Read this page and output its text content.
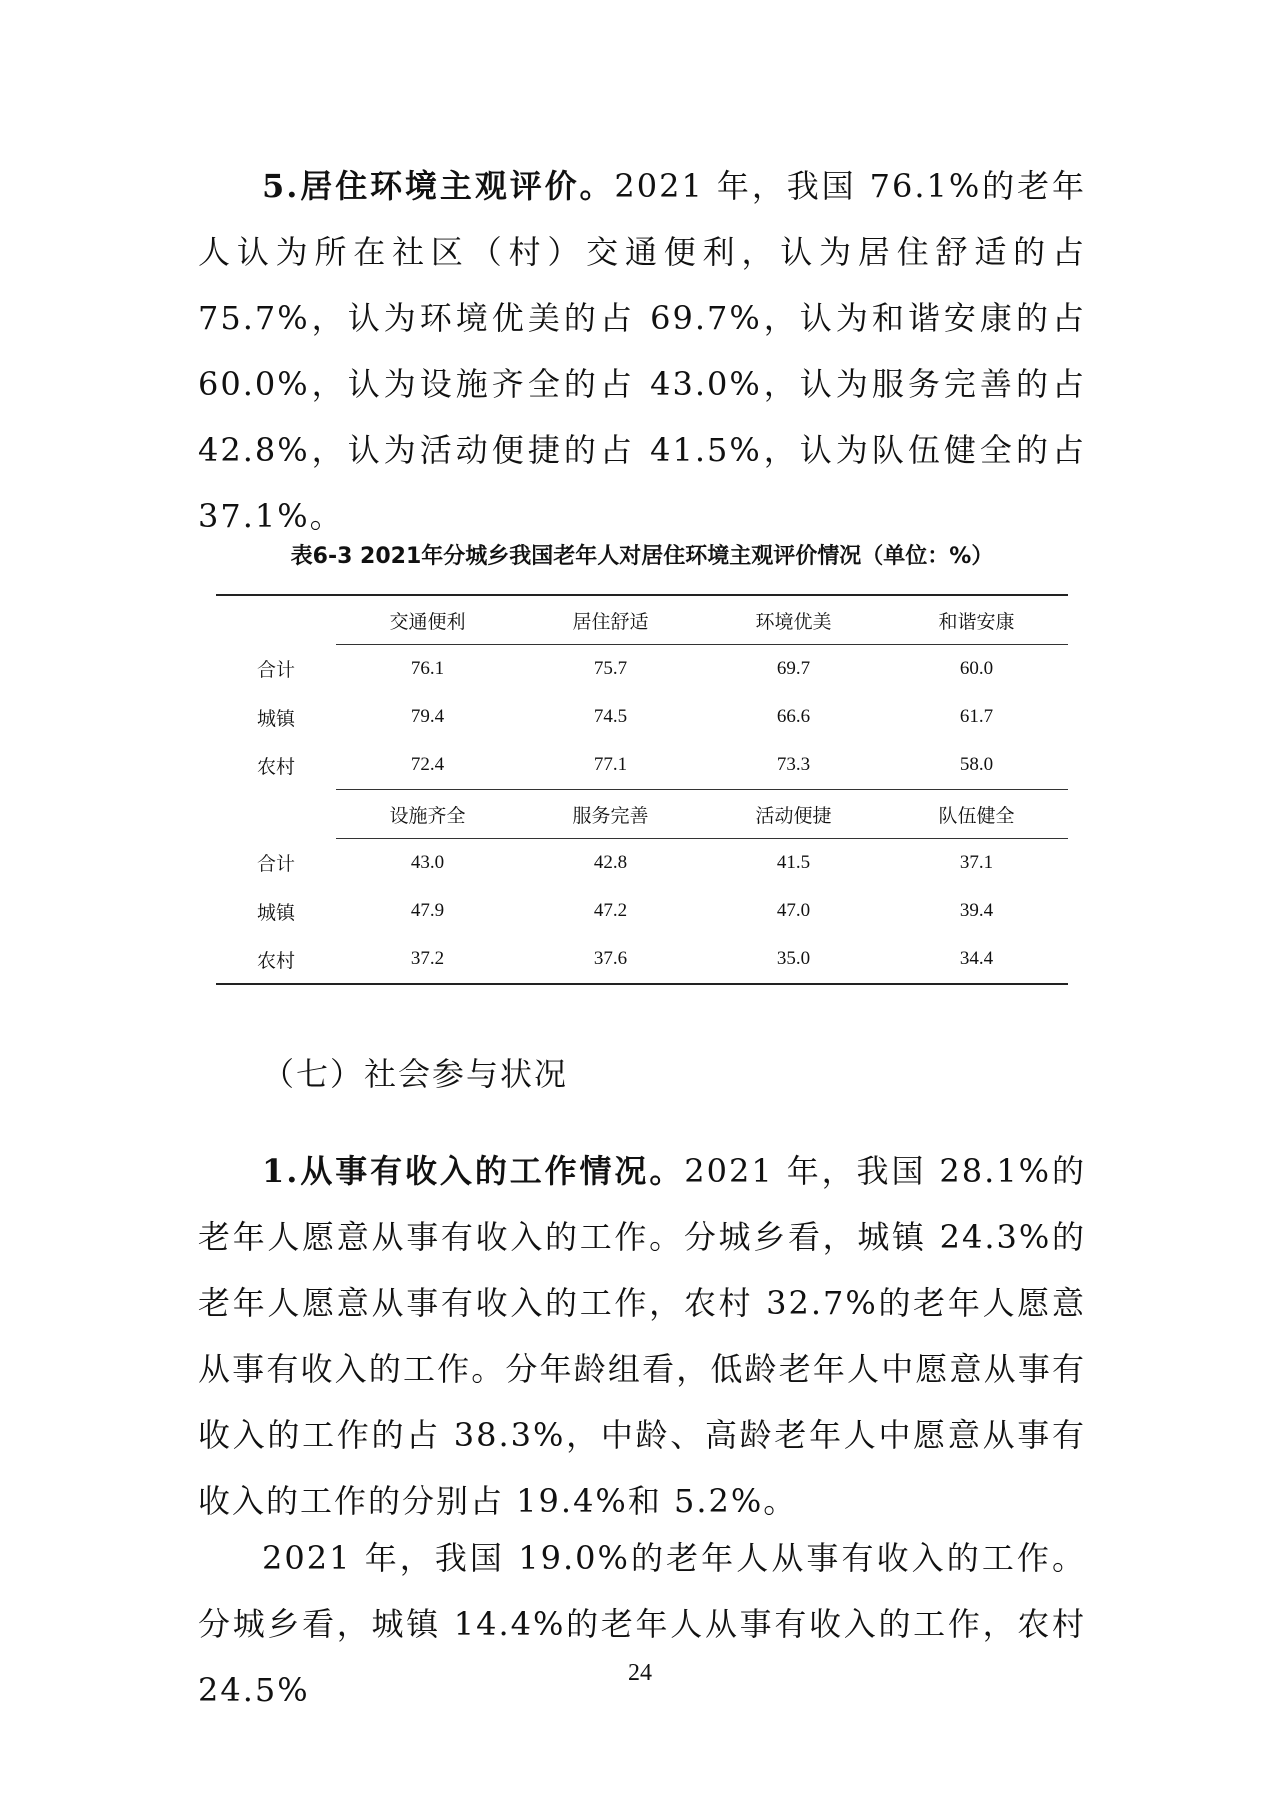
5.居住环境主观评价。2021 年，我国 76.1%的老年人认为所在社区（村）交通便利，认为居住舒适的占 75.7%，认为环境优美的占 69.7%，认为和谐安康的占 60.0%，认为设施齐全的占 43.0%，认为服务完善的占 42.8%，认为活动便捷的占 41.5%，认为队伍健全的占 37.1%。

表6-3 2021年分城乡我国老年人对居住环境主观评价情况（单位：%）

	交通便利	居住舒适	环境优美	和谐安康
合计	76.1	75.7	69.7	60.0
城镇	79.4	74.5	66.6	61.7
农村	72.4	77.1	73.3	58.0
	设施齐全	服务完善	活动便捷	队伍健全
合计	43.0	42.8	41.5	37.1
城镇	47.9	47.2	47.0	39.4
农村	37.2	37.6	35.0	34.4
（七）社会参与状况

1.从事有收入的工作情况。2021 年，我国 28.1%的老年人愿意从事有收入的工作。分城乡看，城镇 24.3%的老年人愿意从事有收入的工作，农村 32.7%的老年人愿意从事有收入的工作。分年龄组看，低龄老年人中愿意从事有收入的工作的占 38.3%，中龄、高龄老年人中愿意从事有收入的工作的分别占 19.4%和 5.2%。

2021 年，我国 19.0%的老年人从事有收入的工作。分城乡看，城镇 14.4%的老年人从事有收入的工作，农村 24.5%	24
